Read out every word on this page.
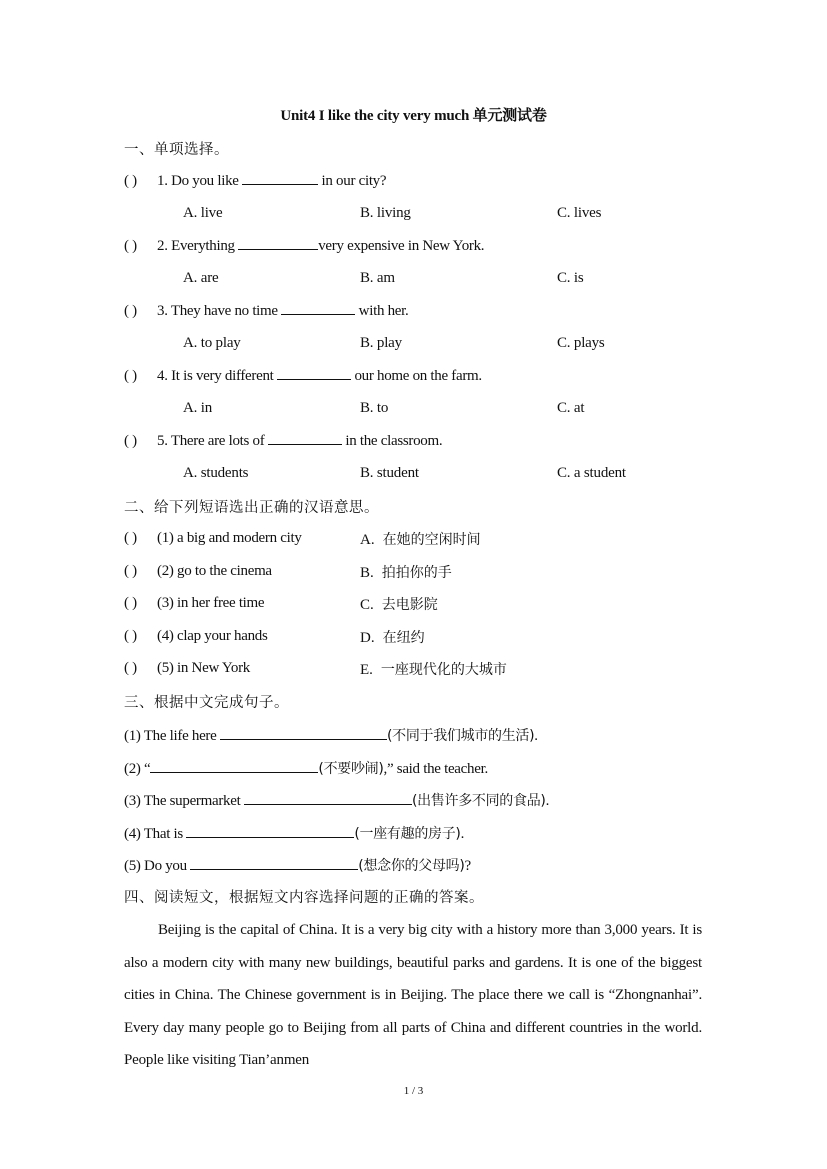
Unit4 I like the city very much 单元测试卷
一、单项选择。
( ) 1. Do you like	in our city?
A. live	B. living	C. lives
( ) 2. Everything	very expensive in New York.
A. are	B. am	C. is
( ) 3. They have no time	with her.
A. to play	B. play	C. plays
( ) 4. It is very different	our home on the farm.
A. in	B. to	C. at
( ) 5. There are lots of	in the classroom.
A. students	B. student	C. a student
二、给下列短语选出正确的汉语意思。
( ) (1) a big and modern city	A. 在她的空闲时间
( ) (2) go to the cinema	B. 拍拍你的手
( ) (3) in her free time	C. 去电影院
( ) (4) clap your hands	D. 在纽约
( ) (5) in New York	E. 一座现代化的大城市
三、根据中文完成句子。
(1) The life here	(不同于我们城市的生活).
(2) “	(不要吵闹),” said the teacher.
(3) The supermarket	(出售许多不同的食品).
(4) That is	(一座有趣的房子).
(5) Do you	(想念你的父母吗)?
四、阅读短文，根据短文内容选择问题的正确的答案。
Beijing is the capital of China. It is a very big city with a history more than 3,000 years. It is also a modern city with many new buildings, beautiful parks and gardens. It is one of the biggest cities in China. The Chinese government is in Beijing. The place there we call is “Zhongnanhai”. Every day many people go to Beijing from all parts of China and different countries in the world. People like visiting Tian’anmen
1 / 3
